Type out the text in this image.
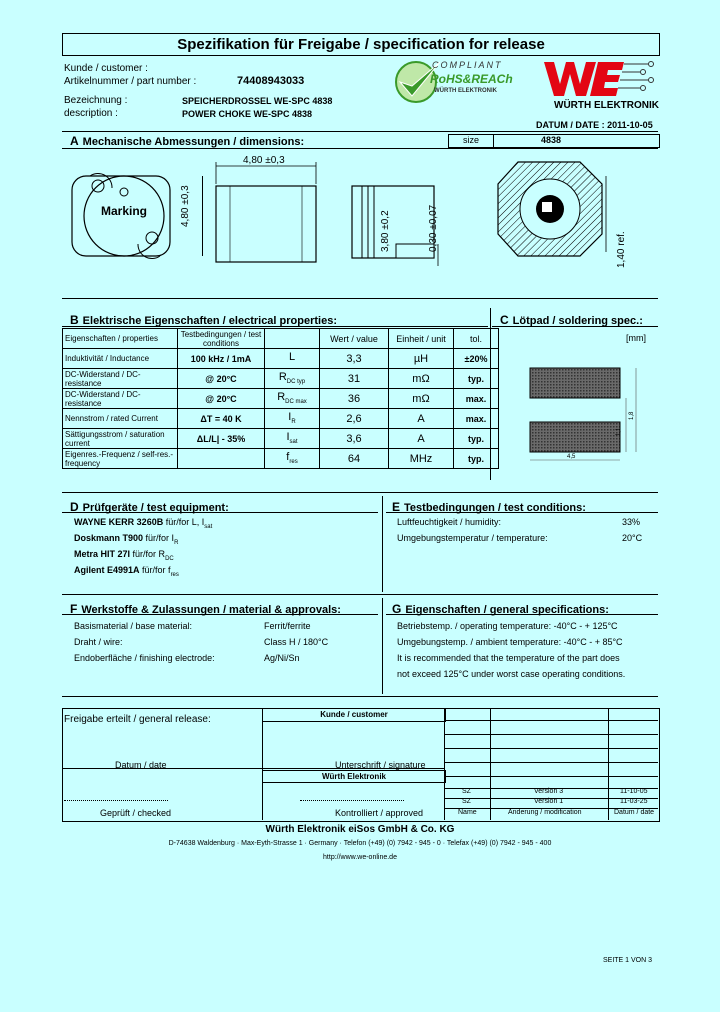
Spezifikation für Freigabe / specification for release
Kunde / customer :
Artikelnummer / part number :	74408943033
Bezeichnung :	SPEICHERDROSSEL WE-SPC 4838
description :	POWER CHOKE WE-SPC 4838
COMPLIANT
RoHS&REACh
WÜRTH ELEKTRONIK
WÜRTH ELEKTRONIK
DATUM / DATE : 2011-10-05
A Mechanische Abmessungen / dimensions:	size	4838
Marking	4,80 ±0,3
4,80 ±0,3
3,80 ±0,2	0,30 ±0,07	1,40 ref.
B Elektrische Eigenschaften / electrical properties:
Eigenschaften / properties	Testbedingungen / test conditions		Wert / value	Einheit / unit	tol.
Induktivität / Inductance	100 kHz / 1mA	L	3,3	µH	±20%
DC-Widerstand / DC-resistance	@ 20°C	$R_{DC typ}$	31	mΩ	typ.
DC-Widerstand / DC-resistance	@ 20°C	$R_{DC max}$	36	mΩ	max.
Nennstrom / rated Current	ΔT = 40 K	$I_R$	2,6	A	max.
Sättigungsstrom / saturation current	ΔL/L| - 35%	$I_{sat}$	3,6	A	typ.
Eigenres.-Frequenz / self-res.-frequency		$f_{res}$	64	MHz	typ.
C Lötpad / soldering spec.:
[mm]
1,1
1,8
4,5
D Prüfgeräte / test equipment:
WAYNE KERR 3260B für/for L, $I_{sat}$
Doskmann T900 für/for $I_R$
Metra HIT 27I für/for $R_{DC}$
Agilent E4991A für/for $f_{res}$
E Testbedingungen / test conditions:
Luftfeuchtigkeit / humidity:	33%
Umgebungstemperatur / temperature:	20°C
F Werkstoffe & Zulassungen / material & approvals:
Basismaterial / base material:	Ferrit/ferrite
Draht / wire:	Class H / 180°C
Endoberfläche / finishing electrode:	Ag/Ni/Sn
G Eigenschaften / general specifications:
Betriebstemp. / operating temperature: -40°C - + 125°C
Umgebungstemp. / ambient temperature: -40°C - + 85°C
It is recommended that the temperature of the part does
not exceed 125°C under worst case operating conditions.
Freigabe erteilt / general release:	Kunde / customer
Datum / date	Unterschrift / signature
Würth Elektronik
Geprüft / checked	Kontrolliert / approved
SZ	Version 3	11-10-05
SZ	Version 1	11-03-25
Name	Änderung / modification	Datum / date
Würth Elektronik eiSos GmbH & Co. KG
D-74638 Waldenburg · Max-Eyth-Strasse 1 · Germany · Telefon (+49) (0) 7942 - 945 - 0 · Telefax (+49) (0) 7942 - 945 - 400
http://www.we-online.de
SEITE 1 VON 3
